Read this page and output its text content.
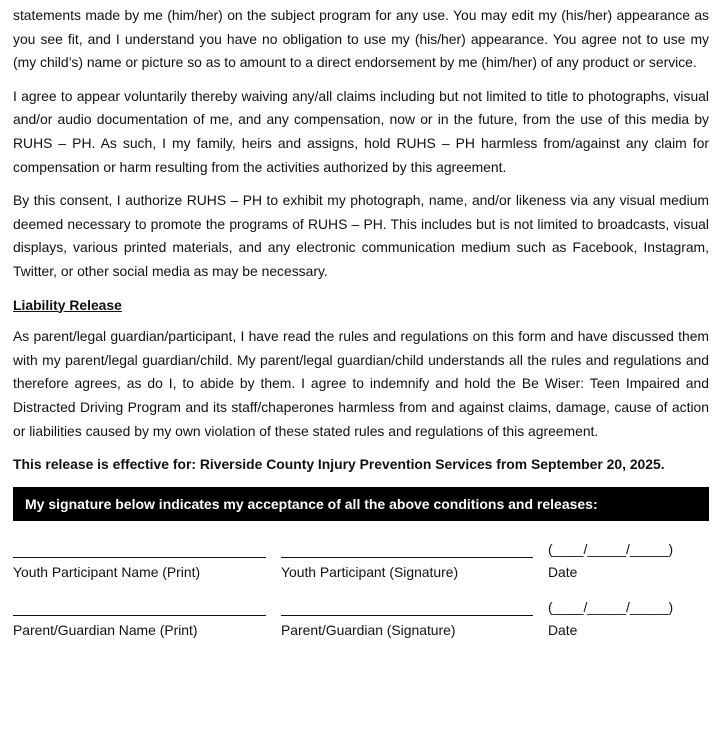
statements made by me (him/her) on the subject program for any use. You may edit my (his/her) appearance as you see fit, and I understand you have no obligation to use my (his/her) appearance. You agree not to use my (my child’s) name or picture so as to amount to a direct endorsement by me (him/her) of any product or service.

I agree to appear voluntarily thereby waiving any/all claims including but not limited to title to photographs, visual and/or audio documentation of me, and any compensation, now or in the future, from the use of this media by RUHS – PH. As such, I my family, heirs and assigns, hold RUHS – PH harmless from/against any claim for compensation or harm resulting from the activities authorized by this agreement.

By this consent, I authorize RUHS – PH to exhibit my photograph, name, and/or likeness via any visual medium deemed necessary to promote the programs of RUHS – PH. This includes but is not limited to broadcasts, visual displays, various printed materials, and any electronic communication medium such as Facebook, Instagram, Twitter, or other social media as may be necessary.

Liability Release

As parent/legal guardian/participant, I have read the rules and regulations on this form and have discussed them with my parent/legal guardian/child. My parent/legal guardian/child understands all the rules and regulations and therefore agrees, as do I, to abide by them. I agree to indemnify and hold the Be Wiser: Teen Impaired and Distracted Driving Program and its staff/chaperones harmless from and against claims, damage, cause of action or liabilities caused by my own violation of these stated rules and regulations of this agreement.

This release is effective for: Riverside County Injury Prevention Services from September 20, 2025.
My signature below indicates my acceptance of all the above conditions and releases:
Youth Participant Name (Print)	Youth Participant (Signature)
(____/_____/_____)
Date
Parent/Guardian Name (Print)	Parent/Guardian (Signature)
(____/_____/_____)
Date
